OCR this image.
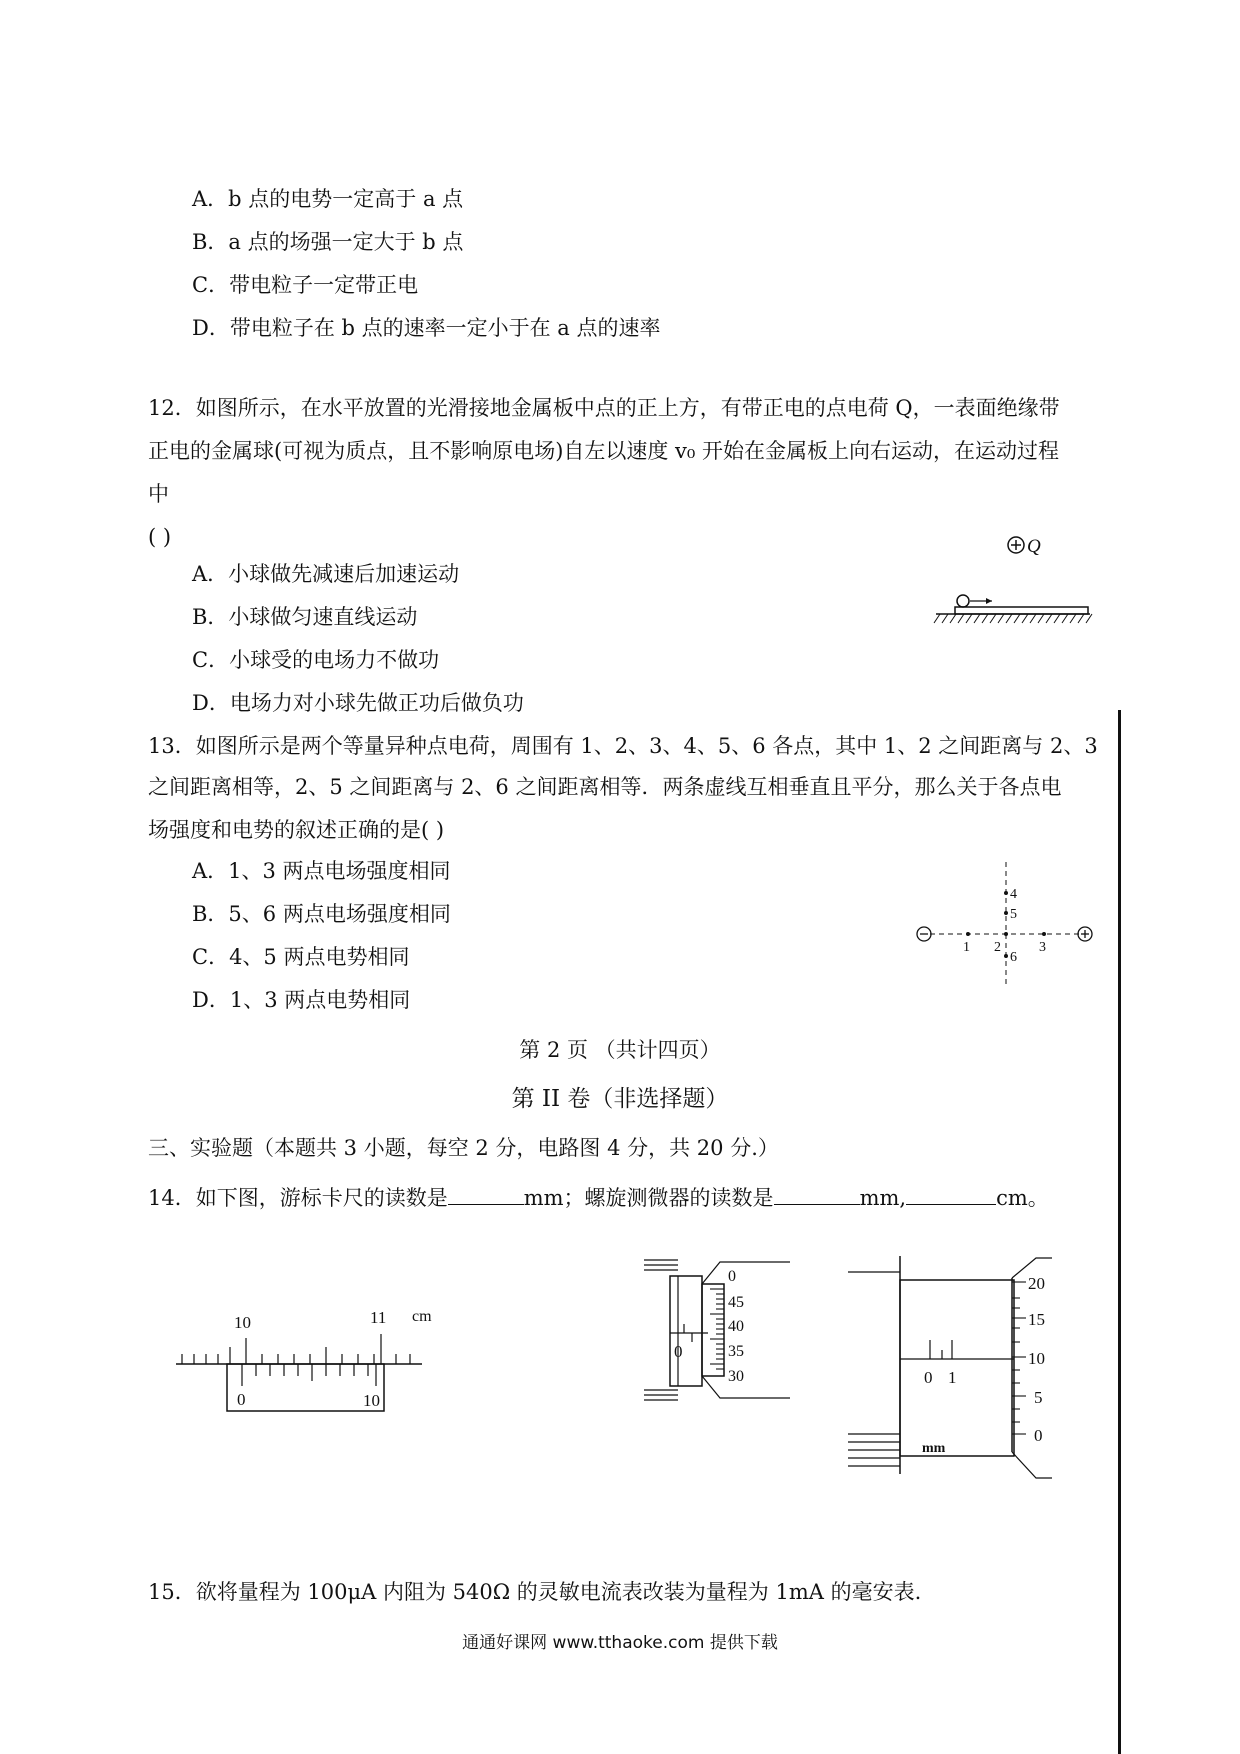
A．b 点的电势一定高于 a 点
B．a 点的场强一定大于 b 点
C．带电粒子一定带正电
D．带电粒子在 b 点的速率一定小于在 a 点的速率
12．如图所示，在水平放置的光滑接地金属板中点的正上方，有带正电的点电荷 Q，一表面绝缘带
正电的金属球(可视为质点，且不影响原电场)自左以速度 v₀ 开始在金属板上向右运动，在运动过程
中
( )
A．小球做先减速后加速运动
B．小球做匀速直线运动
C．小球受的电场力不做功
D．电场力对小球先做正功后做负功
Q
13．如图所示是两个等量异种点电荷，周围有 1、2、3、4、5、6 各点，其中 1、2 之间距离与 2、3
之间距离相等，2、5 之间距离与 2、6 之间距离相等．两条虚线互相垂直且平分，那么关于各点电
场强度和电势的叙述正确的是( )
A．1、3 两点电场强度相同
B．5、6 两点电场强度相同
C．4、5 两点电势相同
D．1、3 两点电势相同
1 2	3
4
5
6
第 2 页 （共计四页）
第 II 卷（非选择题）
三、实验题（本题共 3 小题，每空 2 分，电路图 4 分，共 20 分.）
14．如下图，游标卡尺的读数是	mm；螺旋测微器的读数是	mm,	cm。
10	11 cm
0	10
0
0
45
40
35
30	0 1
mm
20
15
10
5
0
15．欲将量程为 100μA 内阻为 540Ω 的灵敏电流表改装为量程为 1mA 的毫安表.
通通好课网 www.tthaoke.com 提供下载
